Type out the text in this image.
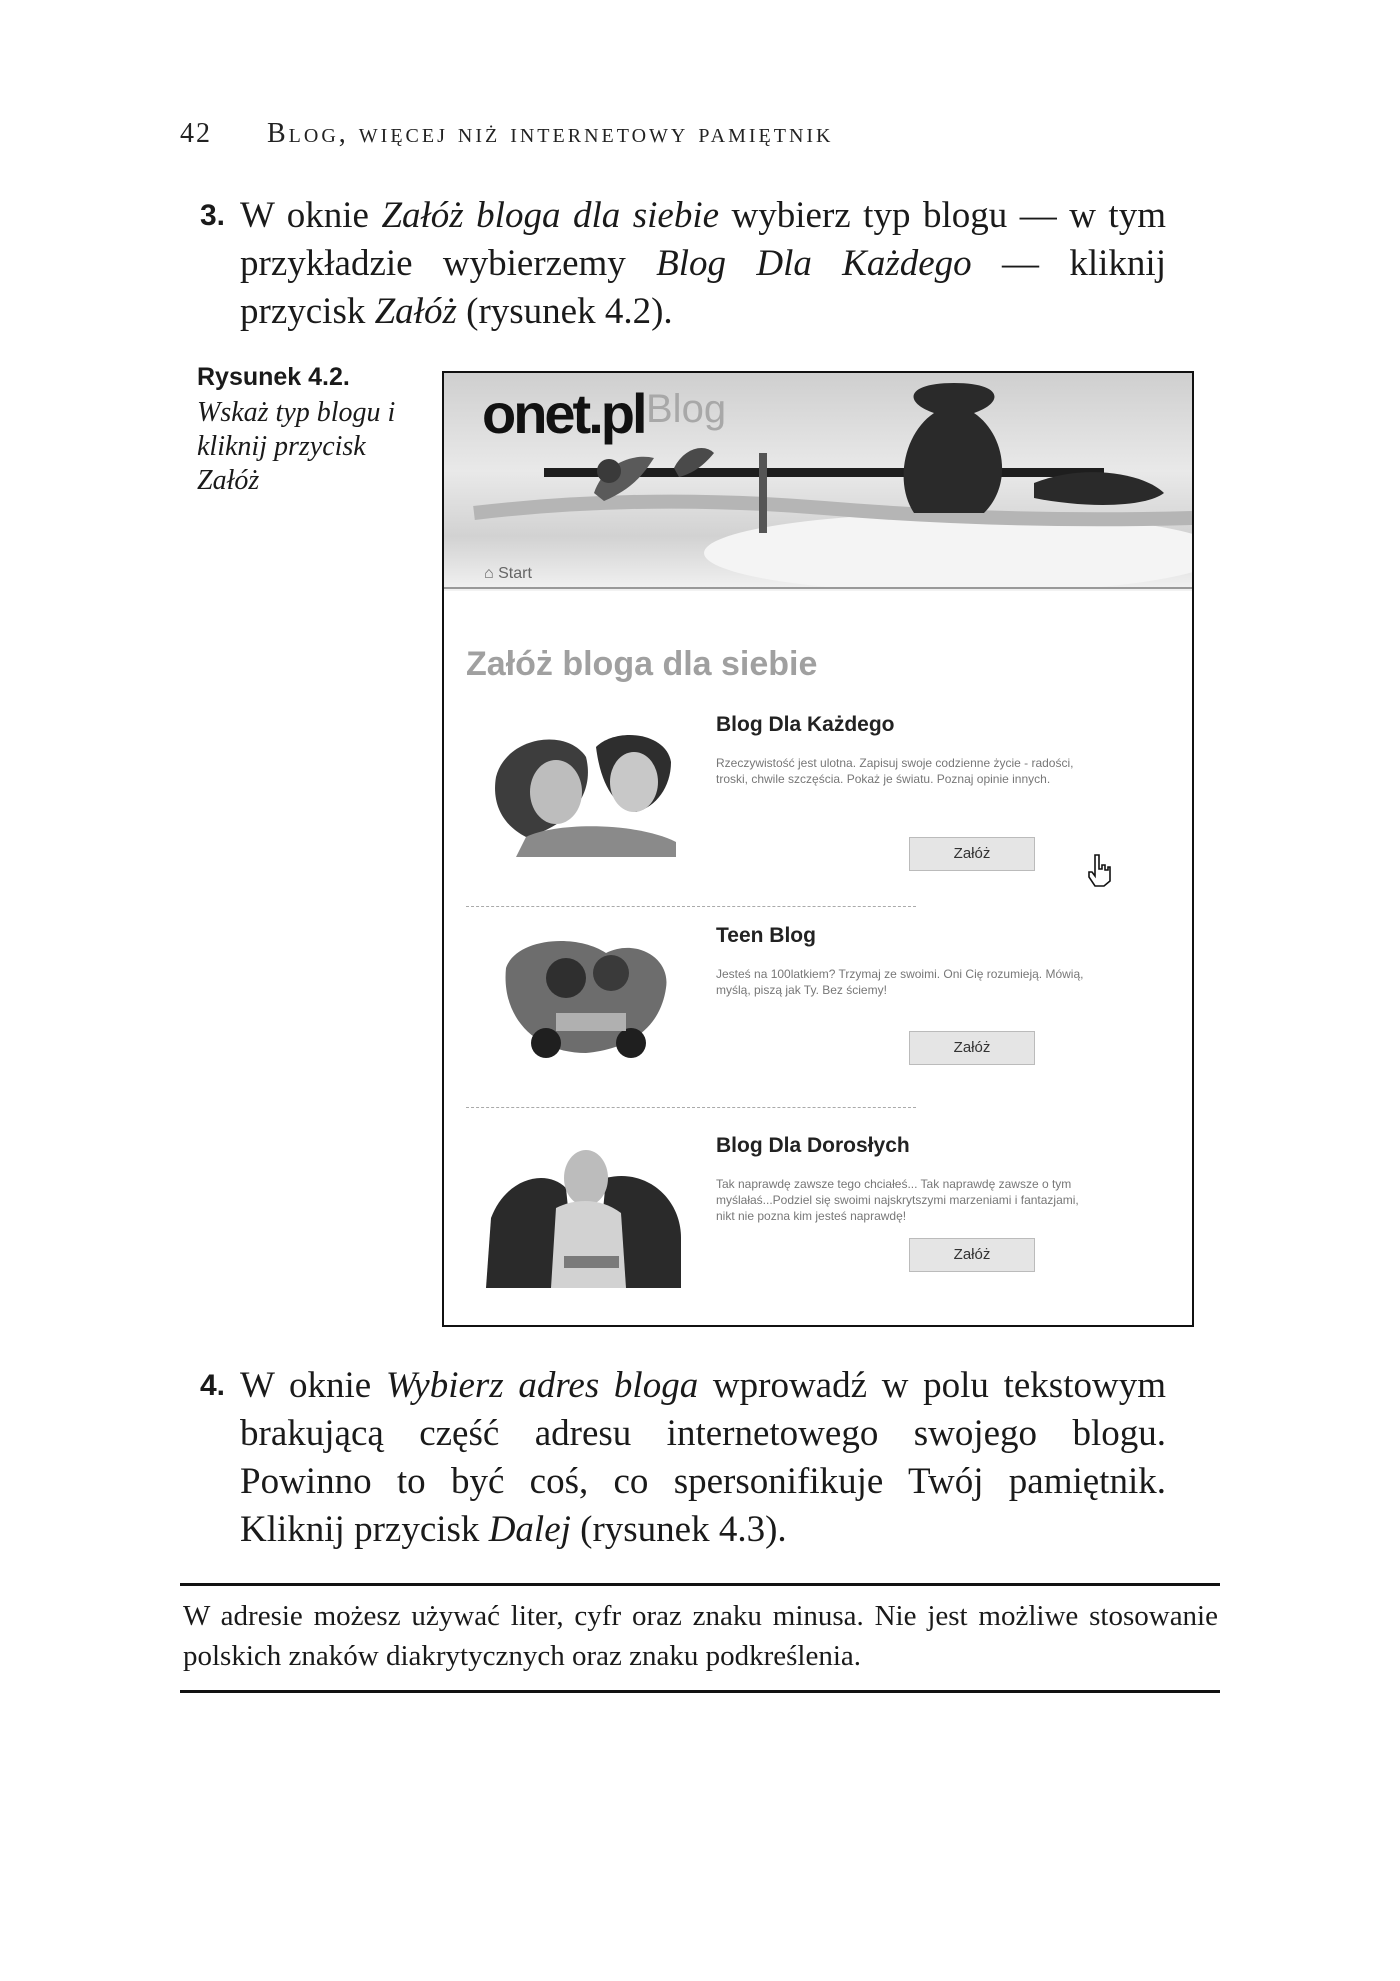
42 Blog, więcej niż internetowy pamiętnik
3. W oknie Załóż bloga dla siebie wybierz typ blogu — w tym przykładzie wybierzemy Blog Dla Każdego — kliknij przycisk Załóż (rysunek 4.2).
Rysunek 4.2.
Wskaż typ blogu i kliknij przycisk Załóż
onet.pl Blog
⌂ Start
Załóż bloga dla siebie
Blog Dla Każdego
Rzeczywistość jest ulotna. Zapisuj swoje codzienne życie - radości, troski, chwile szczęścia. Pokaż je światu. Poznaj opinie innych.
Załóż
Teen Blog
Jesteś na 100latkiem? Trzymaj ze swoimi. Oni Cię rozumieją. Mówią, myślą, piszą jak Ty. Bez ściemy!
Załóż
Blog Dla Dorosłych
Tak naprawdę zawsze tego chciałeś... Tak naprawdę zawsze o tym myślałaś...Podziel się swoimi najskrytszymi marzeniami i fantazjami, nikt nie pozna kim jesteś naprawdę!
Załóż
4. W oknie Wybierz adres bloga wprowadź w polu tekstowym brakującą część adresu internetowego swojego blogu. Powinno to być coś, co spersonifikuje Twój pamiętnik. Kliknij przycisk Dalej (rysunek 4.3).
W adresie możesz używać liter, cyfr oraz znaku minusa. Nie jest możliwe stosowanie polskich znaków diakrytycznych oraz znaku podkreślenia.
